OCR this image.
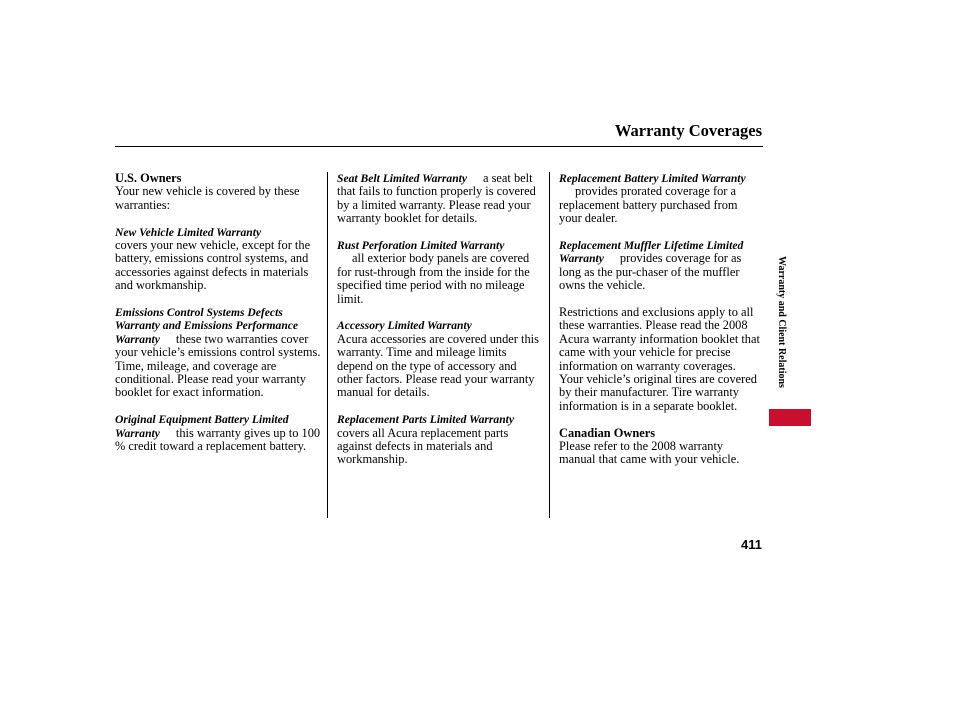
Warranty Coverages
U.S. Owners

Your new vehicle is covered by these warranties:

New Vehicle Limited Warranty
covers your new vehicle, except for the battery, emissions control systems, and accessories against defects in materials and workmanship.

Emissions Control Systems Defects Warranty and Emissions Performance Warranty these two warranties cover your vehicle’s emissions control systems. Time, mileage, and coverage are conditional. Please read your warranty booklet for exact information.

Original Equipment Battery Limited Warranty this warranty gives up to 100 % credit toward a replacement battery.

Seat Belt Limited Warranty a seat belt that fails to function properly is covered by a limited warranty. Please read your warranty booklet for details.

Rust Perforation Limited Warranty
all exterior body panels are covered for rust-through from the inside for the specified time period with no mileage limit.

Accessory Limited Warranty
Acura accessories are covered under this warranty. Time and mileage limits depend on the type of accessory and other factors. Please read your warranty manual for details.

Replacement Parts Limited Warrantycovers all Acura replacement parts against defects in materials and workmanship.

Replacement Battery Limited Warrantyprovides prorated coverage for a replacement battery purchased from your dealer.

Replacement Muffler Lifetime Limited Warranty provides coverage for as long as the pur-chaser of the muffler owns the vehicle.

Restrictions and exclusions apply to all these warranties. Please read the 2008 Acura warranty information booklet that came with your vehicle for precise information on warranty coverages. Your vehicle’s original tires are covered by their manufacturer. Tire warranty information is in a separate booklet.

Canadian Owners

Please refer to the 2008 warranty manual that came with your vehicle.

Warranty and Client Relations
411
